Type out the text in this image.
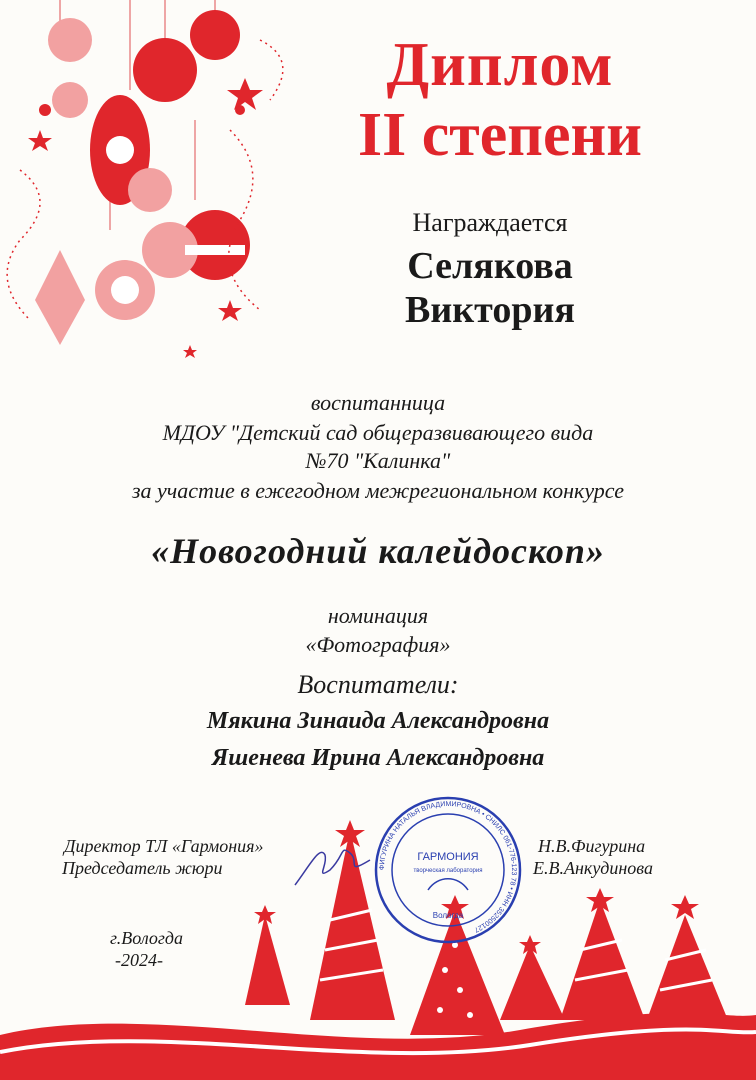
Диплом
II степени
Награждается
Селякова
Виктория
воспитанница
МДОУ "Детский сад общеразвивающего вида
№70 "Калинка"
за участие в ежегодном межрегиональном конкурсе
«Новогодний калейдоскоп»
номинация
«Фотография»
Воспитатели:
Мякина Зинаида Александровна
Яшенева Ирина Александровна
ФИГУРИНА НАТАЛЬЯ ВЛАДИМИРОВНА • СНИЛС 061-776-123 78 • ИНН 352500127
ГАРМОНИЯ
творческая лаборатория
Вологда
Директор ТЛ «Гармония»
Председатель жюри
Н.В.Фигурина
Е.В.Анкудинова
г.Вологда
-2024-
